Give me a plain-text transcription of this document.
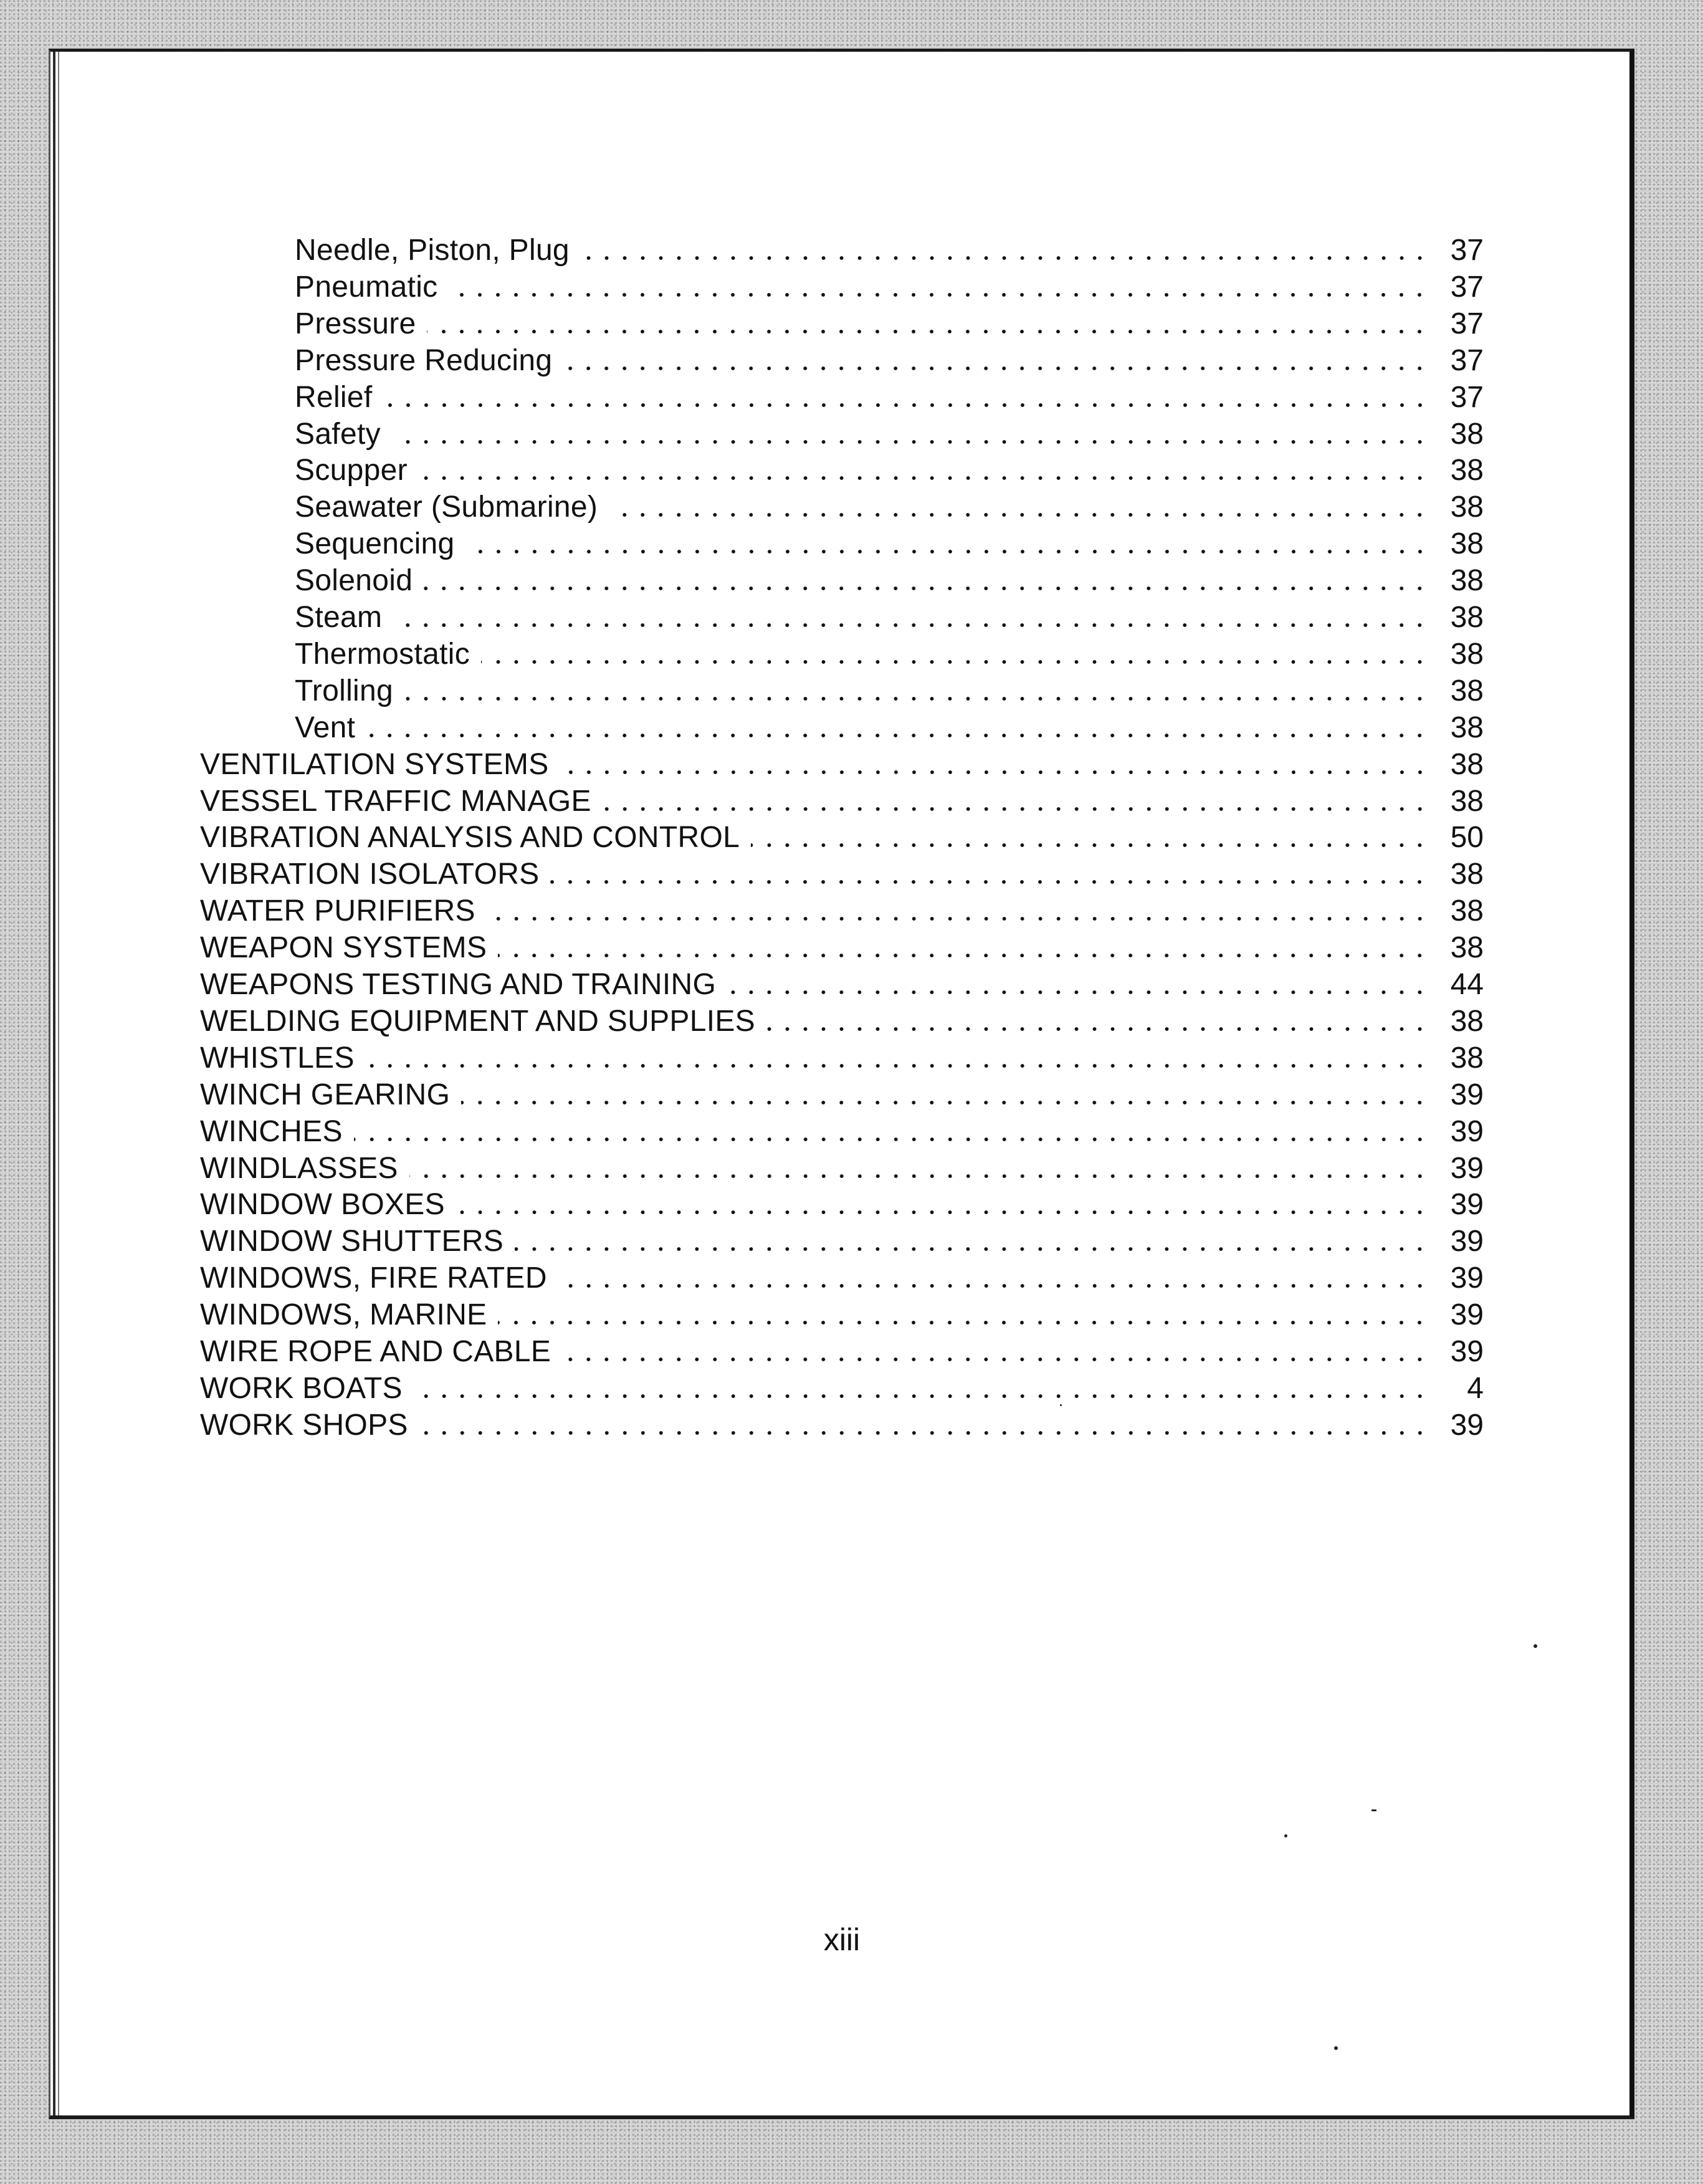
Needle, Piston, Plug	37
Pneumatic	37
Pressure	37
Pressure Reducing	37
Relief	37
Safety	38
Scupper	38
Seawater (Submarine)	38
Sequencing	38
Solenoid	38
Steam	38
Thermostatic	38
Trolling	38
Vent	38
VENTILATION SYSTEMS	38
VESSEL TRAFFIC MANAGE	38
VIBRATION ANALYSIS AND CONTROL	50
VIBRATION ISOLATORS	38
WATER PURIFIERS	38
WEAPON SYSTEMS	38
WEAPONS TESTING AND TRAINING	44
WELDING EQUIPMENT AND SUPPLIES	38
WHISTLES	38
WINCH GEARING	39
WINCHES	39
WINDLASSES	39
WINDOW BOXES	39
WINDOW SHUTTERS	39
WINDOWS, FIRE RATED	39
WINDOWS, MARINE	39
WIRE ROPE AND CABLE	39
WORK BOATS	4
WORK SHOPS	39
xiii
